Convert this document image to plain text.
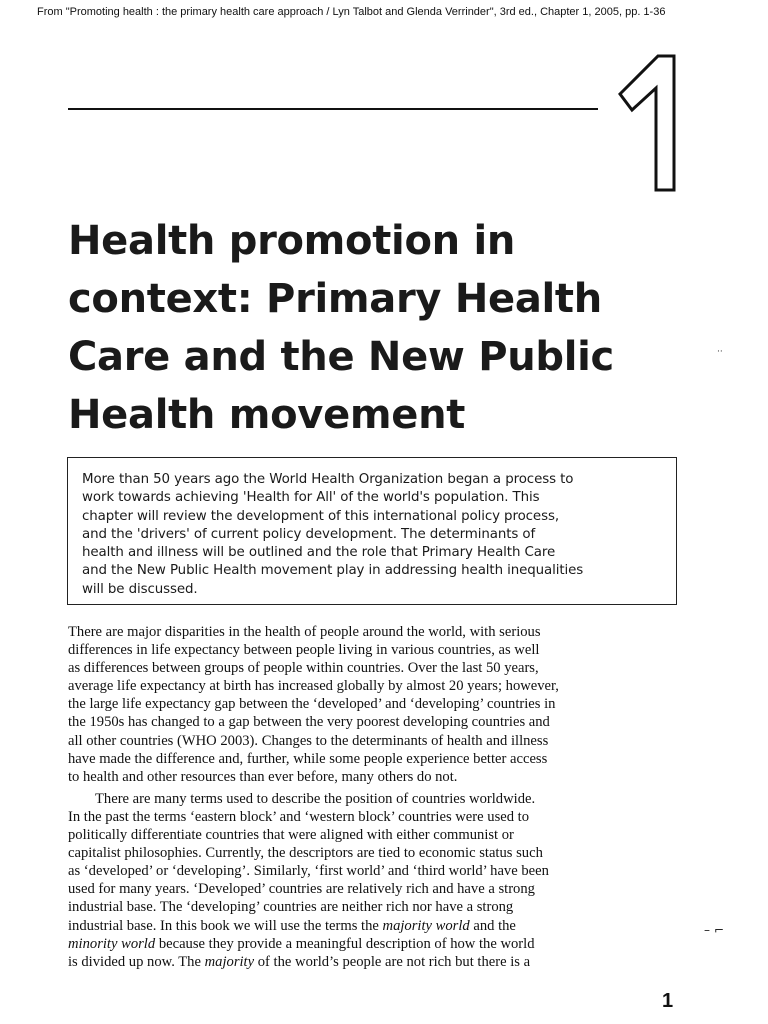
From "Promoting health : the primary health care approach / Lyn Talbot and Glenda Verrinder", 3rd ed., Chapter 1, 2005, pp. 1-36
Health promotion in
context: Primary Health
Care and the New Public
Health movement
··
More than 50 years ago the World Health Organization began a process to
work towards achieving 'Health for All' of the world's population. This
chapter will review the development of this international policy process,
and the 'drivers' of current policy development. The determinants of
health and illness will be outlined and the role that Primary Health Care
and the New Public Health movement play in addressing health inequalities
will be discussed.
There are major disparities in the health of people around the world, with serious
differences in life expectancy between people living in various countries, as well
as differences between groups of people within countries. Over the last 50 years,
average life expectancy at birth has increased globally by almost 20 years; however,
the large life expectancy gap between the ‘developed’ and ‘developing’ countries in
the 1950s has changed to a gap between the very poorest developing countries and
all other countries (WHO 2003). Changes to the determinants of health and illness
have made the difference and, further, while some people experience better access
to health and other resources than ever before, many others do not.
There are many terms used to describe the position of countries worldwide.
In the past the terms ‘eastern block’ and ‘western block’ countries were used to
politically differentiate countries that were aligned with either communist or
capitalist philosophies. Currently, the descriptors are tied to economic status such
as ‘developed’ or ‘developing’. Similarly, ‘first world’ and ‘third world’ have been
used for many years. ‘Developed’ countries are relatively rich and have a strong
industrial base. The ‘developing’ countries are neither rich nor have a strong
industrial base. In this book we will use the terms the majority world and the
minority world because they provide a meaningful description of how the world
is divided up now. The majority of the world’s people are not rich but there is a
– ⌐
1
